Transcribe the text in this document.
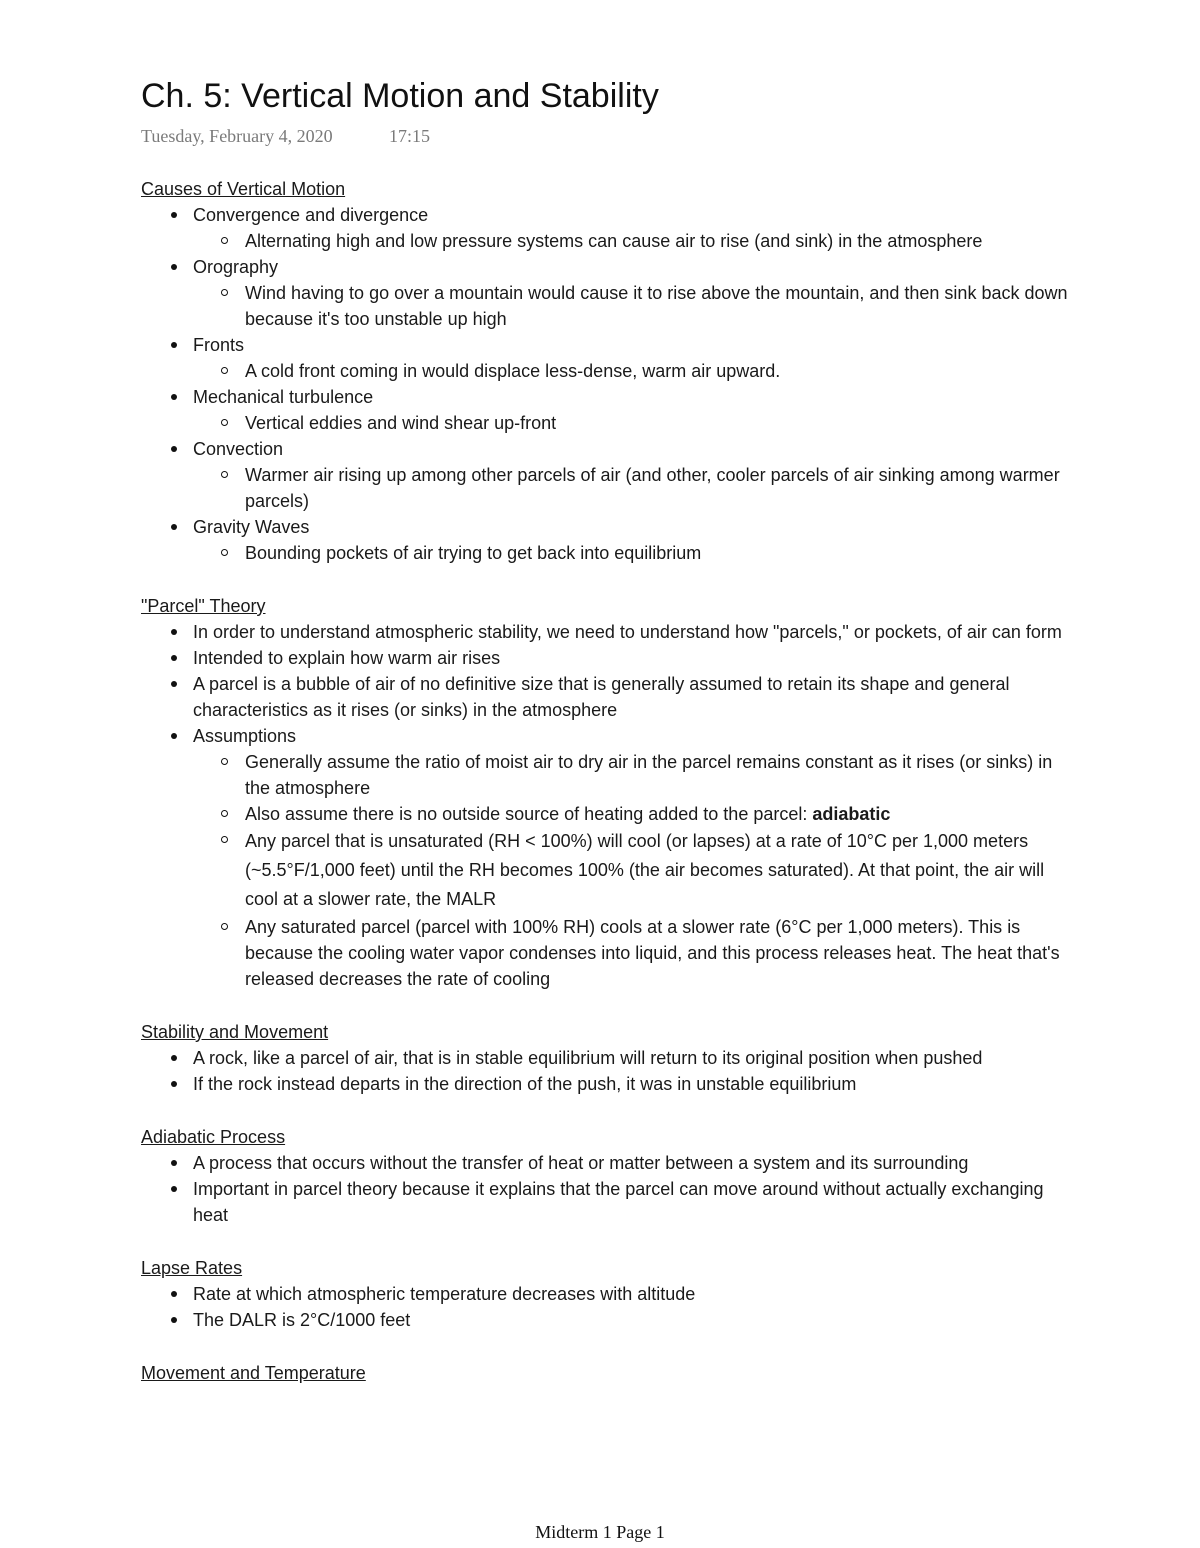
Ch. 5: Vertical Motion and Stability
Tuesday, February 4, 2020	17:15
Causes of Vertical Motion
Convergence and divergence
Alternating high and low pressure systems can cause air to rise (and sink) in the atmosphere
Orography
Wind having to go over a mountain would cause it to rise above the mountain, and then sink back down because it's too unstable up high
Fronts
A cold front coming in would displace less-dense, warm air upward.
Mechanical turbulence
Vertical eddies and wind shear up-front
Convection
Warmer air rising up among other parcels of air (and other, cooler parcels of air sinking among warmer parcels)
Gravity Waves
Bounding pockets of air trying to get back into equilibrium
"Parcel" Theory
In order to understand atmospheric stability, we need to understand how "parcels," or pockets, of air can form
Intended to explain how warm air rises
A parcel is a bubble of air of no definitive size that is generally assumed to retain its shape and general characteristics as it rises (or sinks) in the atmosphere
Assumptions
Generally assume the ratio of moist air to dry air in the parcel remains constant as it rises (or sinks) in the atmosphere
Also assume there is no outside source of heating added to the parcel: adiabatic
Any parcel that is unsaturated (RH < 100%) will cool (or lapses) at a rate of 10°C per 1,000 meters (~5.5°F/1,000 feet) until the RH becomes 100% (the air becomes saturated). At that point, the air will cool at a slower rate, the MALR
Any saturated parcel (parcel with 100% RH) cools at a slower rate (6°C per 1,000 meters). This is because the cooling water vapor condenses into liquid, and this process releases heat. The heat that's released decreases the rate of cooling
Stability and Movement
A rock, like a parcel of air, that is in stable equilibrium will return to its original position when pushed
If the rock instead departs in the direction of the push, it was in unstable equilibrium
Adiabatic Process
A process that occurs without the transfer of heat or matter between a system and its surrounding
Important in parcel theory because it explains that the parcel can move around without actually exchanging heat
Lapse Rates
Rate at which atmospheric temperature decreases with altitude
The DALR is 2°C/1000 feet
Movement and Temperature
Midterm 1 Page 1
